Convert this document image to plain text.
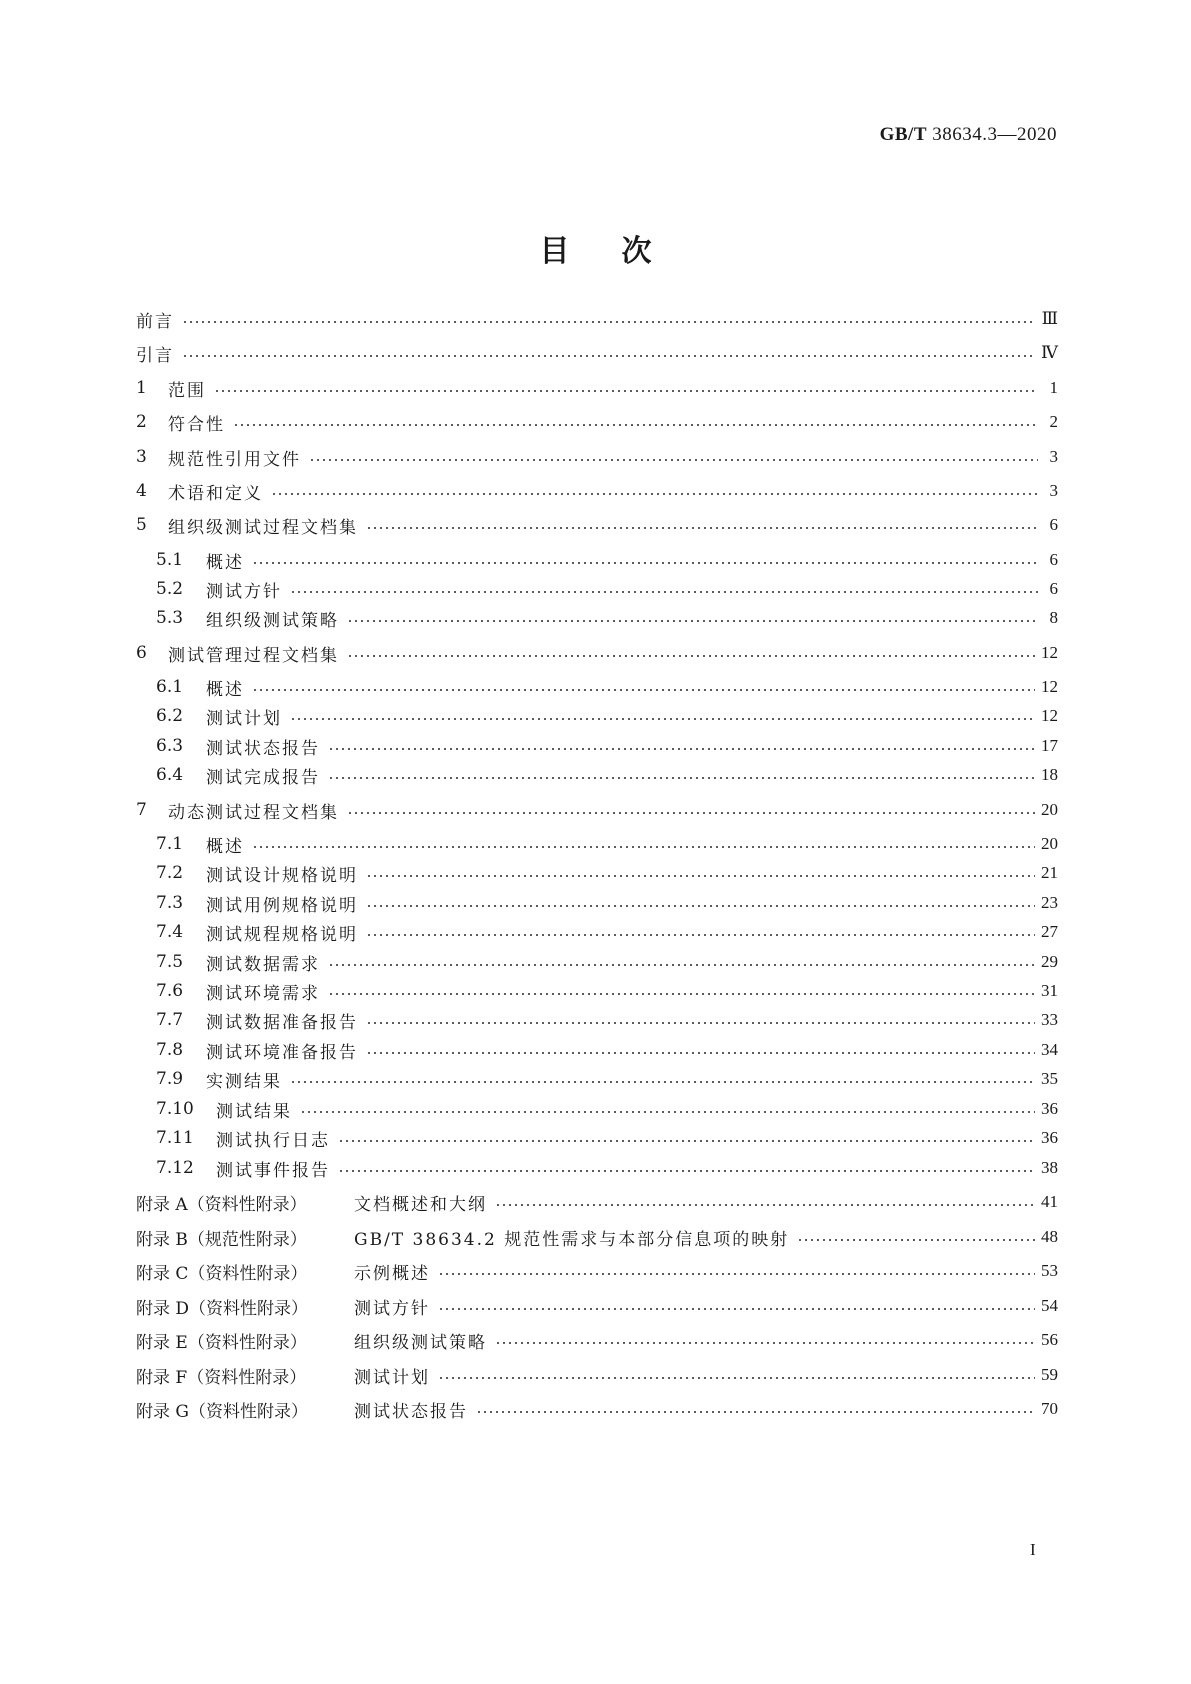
GB/T 38634.3—2020
目次
前言	Ⅲ
引言	Ⅳ
1	范围	1
2	符合性	2
3	规范性引用文件	3
4	术语和定义	3
5	组织级测试过程文档集	6
5.1	概述	6
5.2	测试方针	6
5.3	组织级测试策略	8
6	测试管理过程文档集	12
6.1	概述	12
6.2	测试计划	12
6.3	测试状态报告	17
6.4	测试完成报告	18
7	动态测试过程文档集	20
7.1	概述	20
7.2	测试设计规格说明	21
7.3	测试用例规格说明	23
7.4	测试规程规格说明	27
7.5	测试数据需求	29
7.6	测试环境需求	31
7.7	测试数据准备报告	33
7.8	测试环境准备报告	34
7.9	实测结果	35
7.10	测试结果	36
7.11	测试执行日志	36
7.12	测试事件报告	38
附录 A（资料性附录）	文档概述和大纲	41
附录 B（规范性附录）	GB/T 38634.2 规范性需求与本部分信息项的映射	48
附录 C（资料性附录）	示例概述	53
附录 D（资料性附录）	测试方针	54
附录 E（资料性附录）	组织级测试策略	56
附录 F（资料性附录）	测试计划	59
附录 G（资料性附录）	测试状态报告	70
I
